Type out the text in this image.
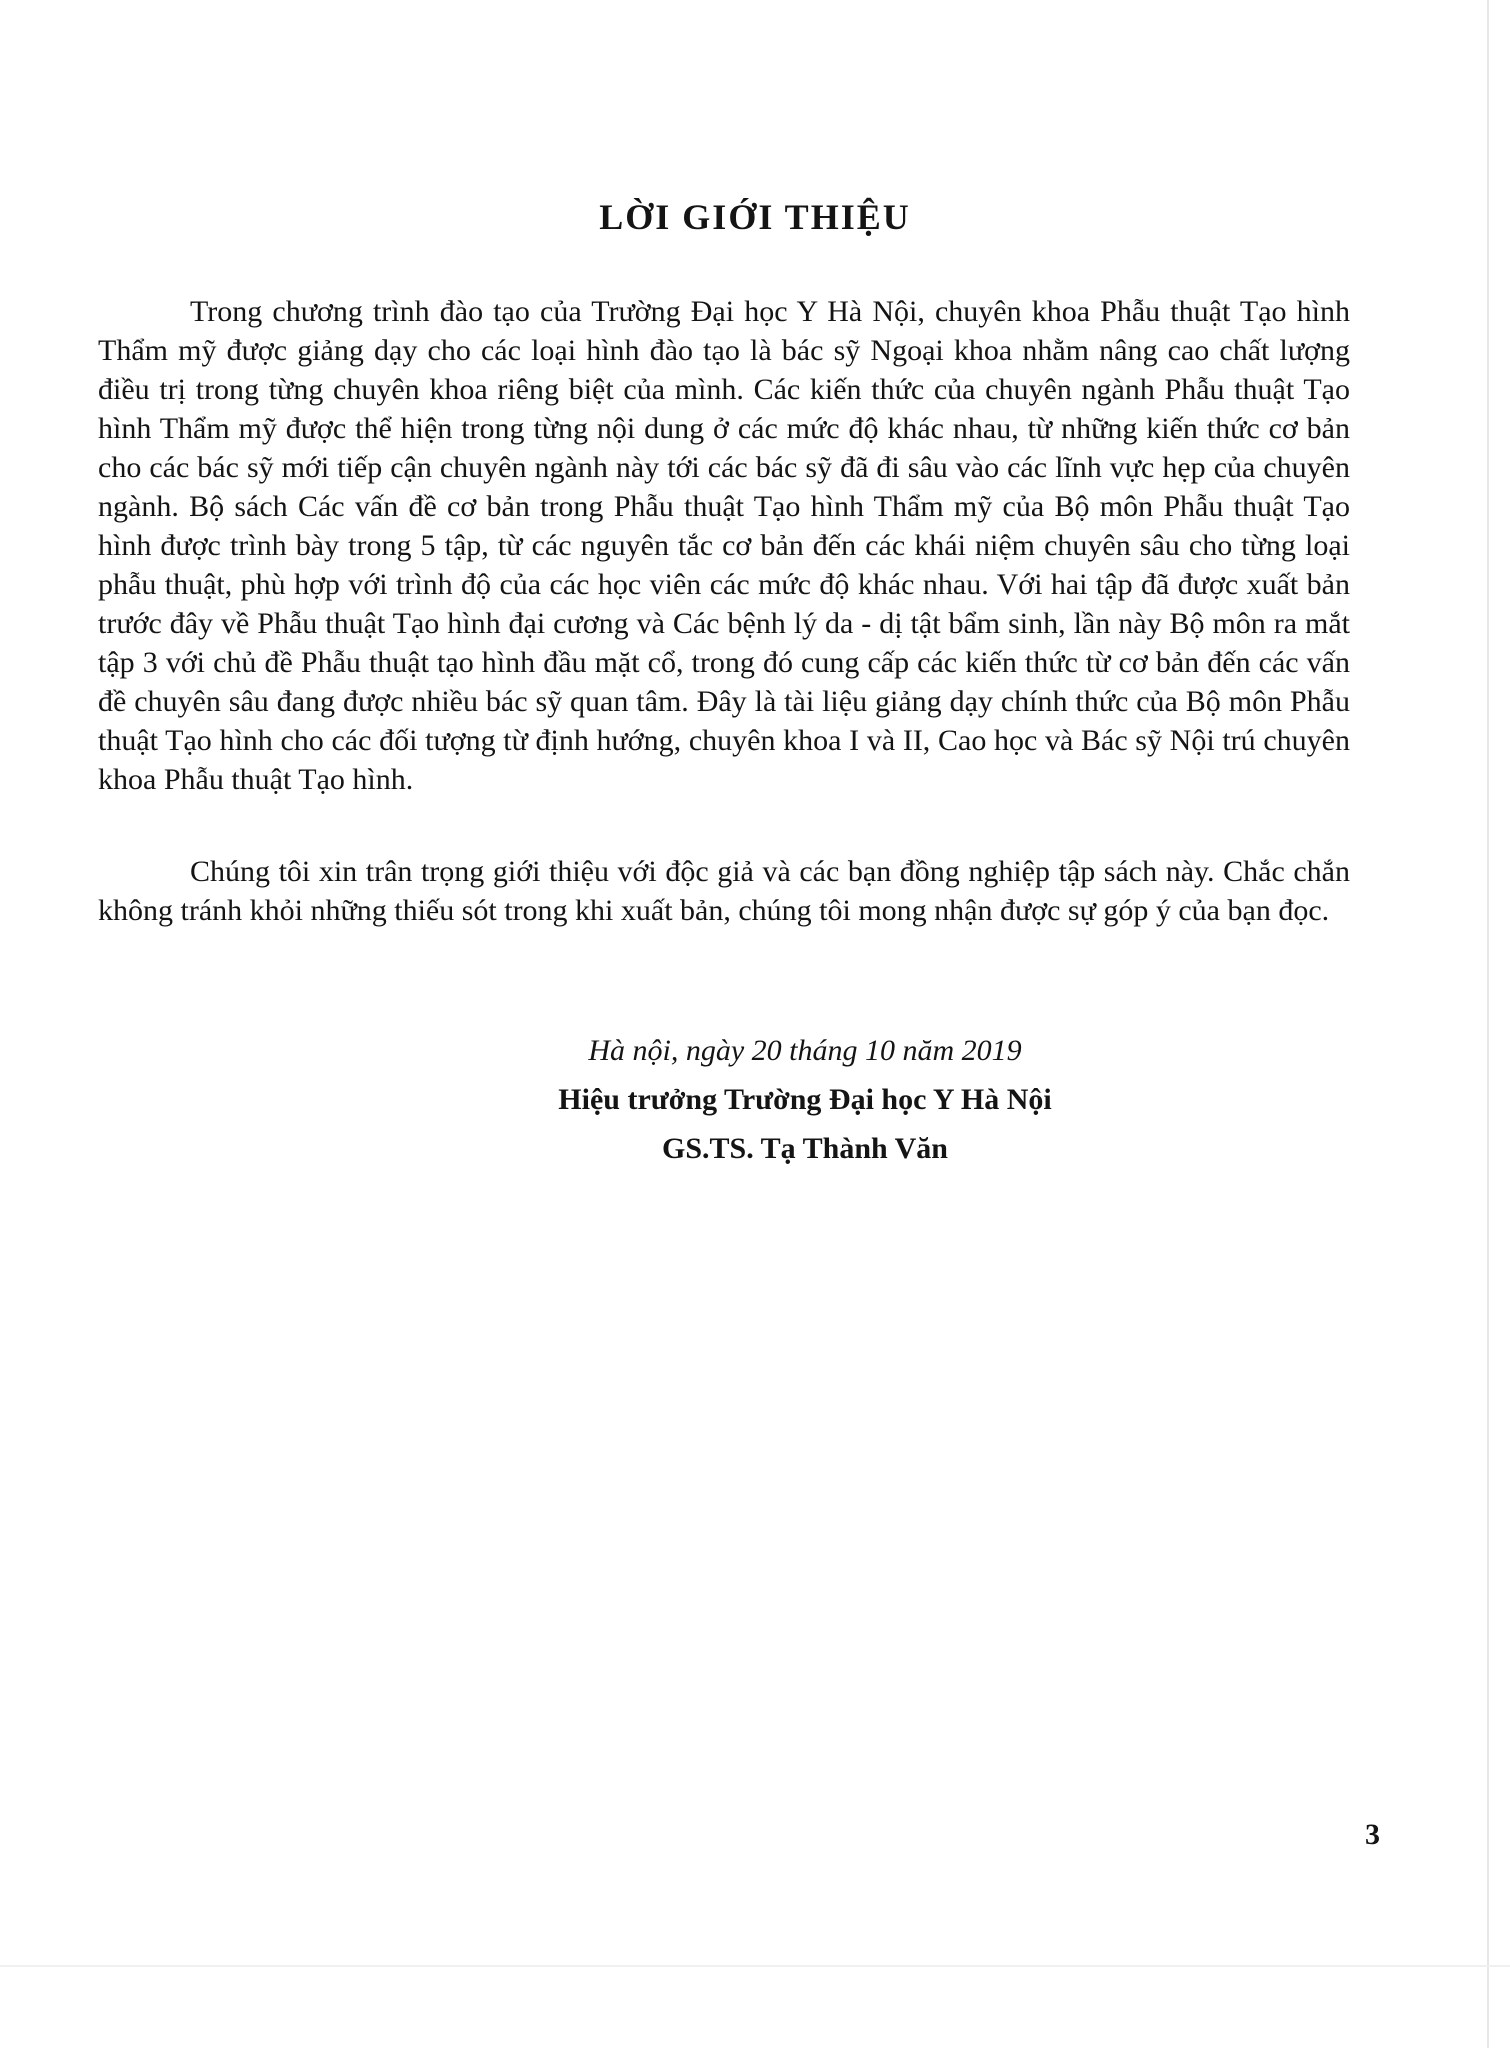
LỜI GIỚI THIỆU

Trong chương trình đào tạo của Trường Đại học Y Hà Nội, chuyên khoa Phẫu thuật Tạo hình Thẩm mỹ được giảng dạy cho các loại hình đào tạo là bác sỹ Ngoại khoa nhằm nâng cao chất lượng điều trị trong từng chuyên khoa riêng biệt của mình. Các kiến thức của chuyên ngành Phẫu thuật Tạo hình Thẩm mỹ được thể hiện trong từng nội dung ở các mức độ khác nhau, từ những kiến thức cơ bản cho các bác sỹ mới tiếp cận chuyên ngành này tới các bác sỹ đã đi sâu vào các lĩnh vực hẹp của chuyên ngành. Bộ sách Các vấn đề cơ bản trong Phẫu thuật Tạo hình Thẩm mỹ của Bộ môn Phẫu thuật Tạo hình được trình bày trong 5 tập, từ các nguyên tắc cơ bản đến các khái niệm chuyên sâu cho từng loại phẫu thuật, phù hợp với trình độ của các học viên các mức độ khác nhau. Với hai tập đã được xuất bản trước đây về Phẫu thuật Tạo hình đại cương và Các bệnh lý da - dị tật bẩm sinh, lần này Bộ môn ra mắt tập 3 với chủ đề Phẫu thuật tạo hình đầu mặt cổ, trong đó cung cấp các kiến thức từ cơ bản đến các vấn đề chuyên sâu đang được nhiều bác sỹ quan tâm. Đây là tài liệu giảng dạy chính thức của Bộ môn Phẫu thuật Tạo hình cho các đối tượng từ định hướng, chuyên khoa I và II, Cao học và Bác sỹ Nội trú chuyên khoa Phẫu thuật Tạo hình.

Chúng tôi xin trân trọng giới thiệu với độc giả và các bạn đồng nghiệp tập sách này. Chắc chắn không tránh khỏi những thiếu sót trong khi xuất bản, chúng tôi mong nhận được sự góp ý của bạn đọc.

Hà nội, ngày 20 tháng 10 năm 2019

Hiệu trưởng Trường Đại học Y Hà Nội

GS.TS. Tạ Thành Văn

3
